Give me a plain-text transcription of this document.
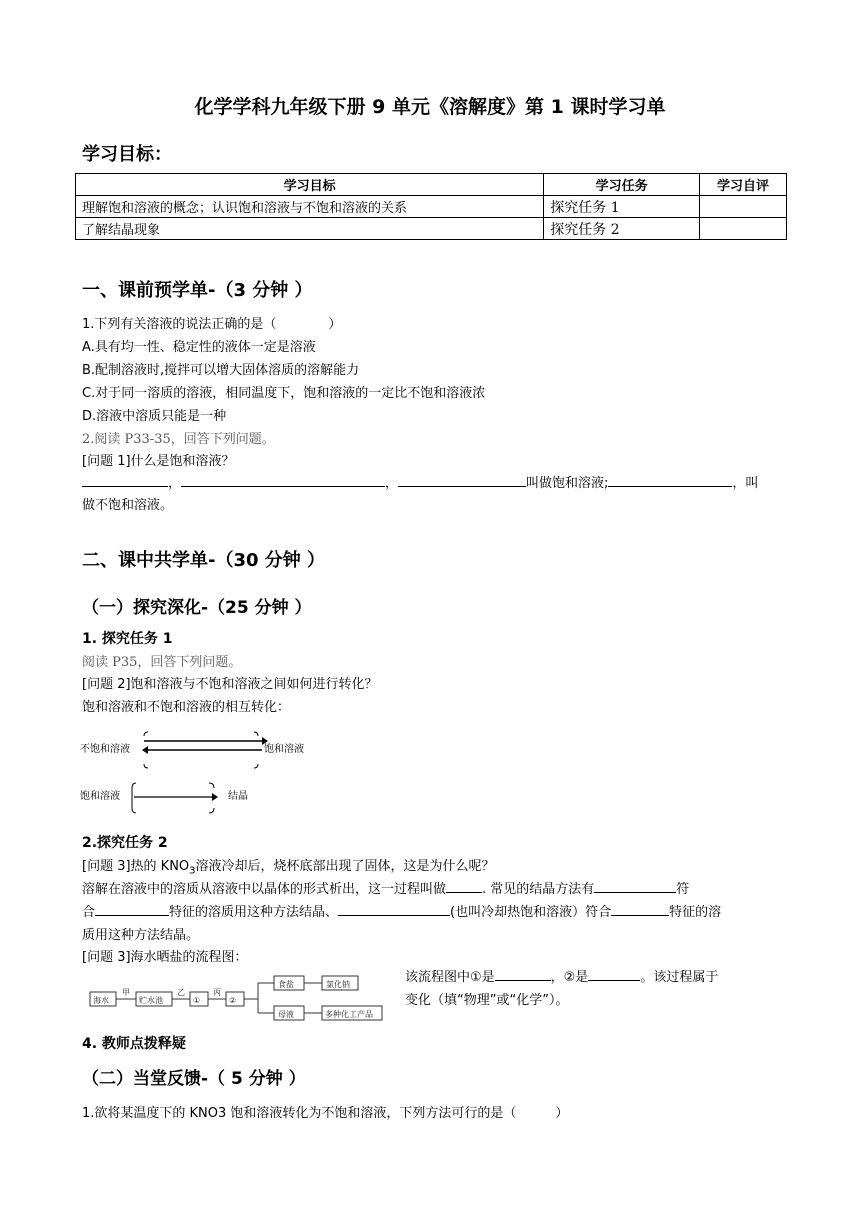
化学学科九年级下册 9 单元《溶解度》第 1 课时学习单
学习目标：
学习目标	学习任务	学习自评
理解饱和溶液的概念；认识饱和溶液与不饱和溶液的关系	探究任务 1	
了解结晶现象	探究任务 2	
一、课前预学单-（3 分钟 ）
1.下列有关溶液的说法正确的是（　　　　）
A.具有均一性、稳定性的液体一定是溶液
B.配制溶液时,搅拌可以增大固体溶质的溶解能力
C.对于同一溶质的溶液，相同温度下，饱和溶液的一定比不饱和溶液浓
D.溶液中溶质只能是一种
2.阅读 P33-35，回答下列问题。
[问题 1]什么是饱和溶液？
，	，	叫做饱和溶液;	，叫
做不饱和溶液。
二、课中共学单-（30 分钟 ）
（一）探究深化-（25 分钟 ）
1. 探究任务 1
阅读 P35，回答下列问题。
[问题 2]饱和溶液与不饱和溶液之间如何进行转化？
饱和溶液和不饱和溶液的相互转化：
不饱和溶液	饱和溶液
饱和溶液	结晶
2.探究任务 2
[问题 3]热的 $KNO_3$溶液冷却后，烧杯底部出现了固体，这是为什么呢？
溶解在溶液中的溶质从溶液中以晶体的形式析出，这一过程叫做	. 常见的结晶方法有	符
合	特征的溶质用这种方法结晶、	(也叫冷却热饱和溶液）符合	特征的溶
质用这种方法结晶。
[问题 3]海水晒盐的流程图：
海水	贮水池	①	②
食盐
母液
氯化钠
多种化工产品
甲	乙	丙
该流程图中①是	，②是	。该过程属于
变化（填“物理”或“化学”）。
4. 教师点拨释疑
（二）当堂反馈-（ 5 分钟 ）
1.欲将某温度下的 KNO3 饱和溶液转化为不饱和溶液，下列方法可行的是（　　　）
